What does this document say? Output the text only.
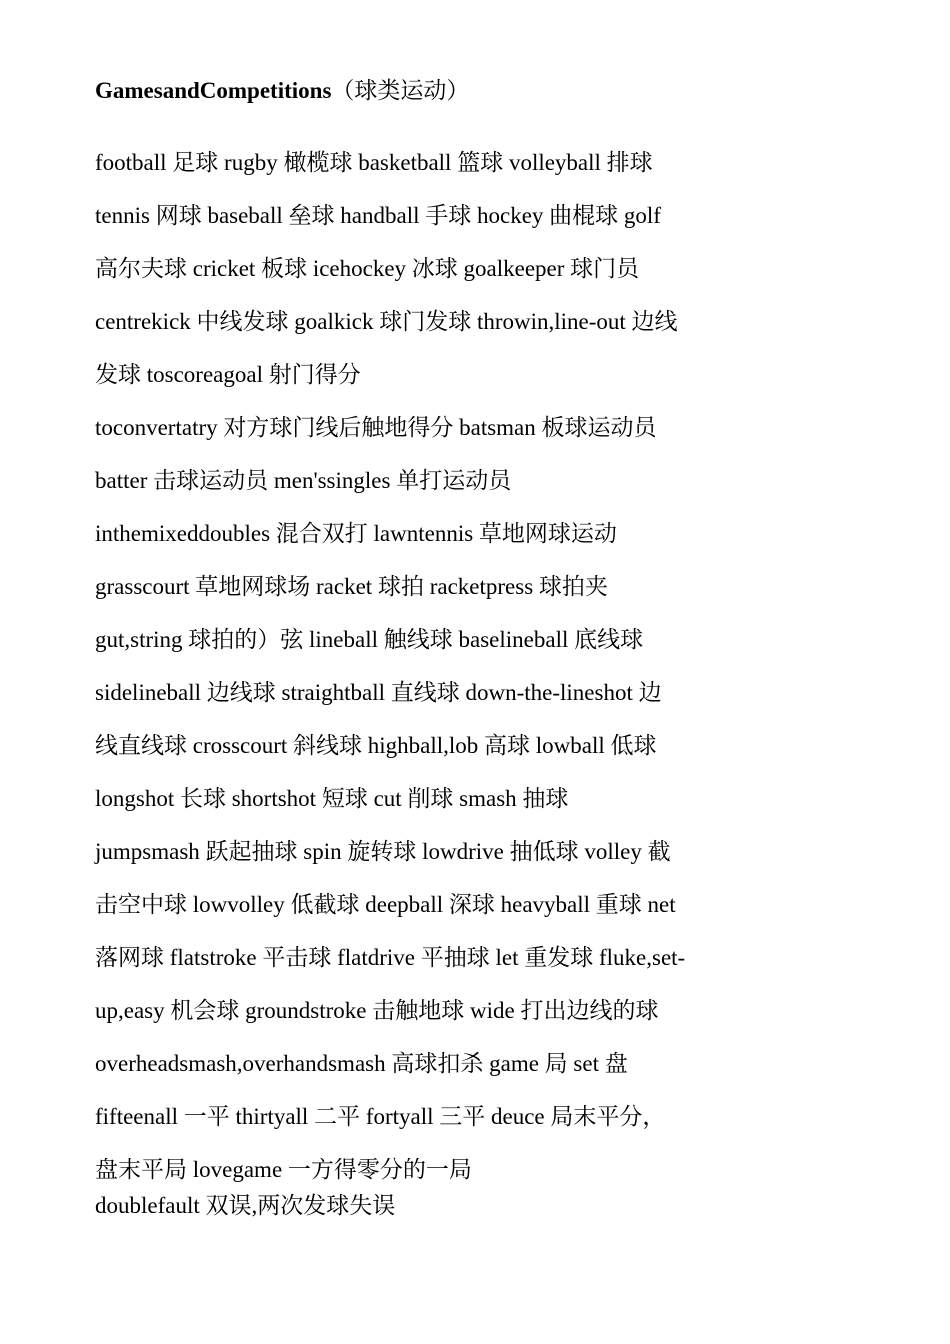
GamesandCompetitions（球类运动）
football 足球 rugby 橄榄球 basketball 篮球 volleyball 排球
tennis 网球 baseball 垒球 handball 手球 hockey 曲棍球 golf
高尔夫球 cricket 板球 icehockey 冰球 goalkeeper 球门员
centrekick 中线发球 goalkick 球门发球 throwin,line-out 边线
发球 toscoreagoal 射门得分
toconvertatry 对方球门线后触地得分 batsman 板球运动员
batter 击球运动员 men'ssingles 单打运动员
inthemixeddoubles 混合双打 lawntennis 草地网球运动
grasscourt 草地网球场 racket 球拍 racketpress 球拍夹
gut,string 球拍的）弦 lineball 触线球 baselineball 底线球
sidelineball 边线球 straightball 直线球 down-the-lineshot 边
线直线球 crosscourt 斜线球 highball,lob 高球 lowball 低球
longshot 长球 shortshot 短球 cut 削球 smash 抽球
jumpsmash 跃起抽球 spin 旋转球 lowdrive 抽低球 volley 截
击空中球 lowvolley 低截球 deepball 深球 heavyball 重球 net
落网球 flatstroke 平击球 flatdrive 平抽球 let 重发球 fluke,set-
up,easy 机会球 groundstroke 击触地球 wide 打出边线的球
overheadsmash,overhandsmash 高球扣杀 game 局 set 盘
fifteenall 一平 thirtyall 二平 fortyall 三平 deuce 局末平分，
盘末平局 lovegame 一方得零分的一局
doublefault 双误,两次发球失误
